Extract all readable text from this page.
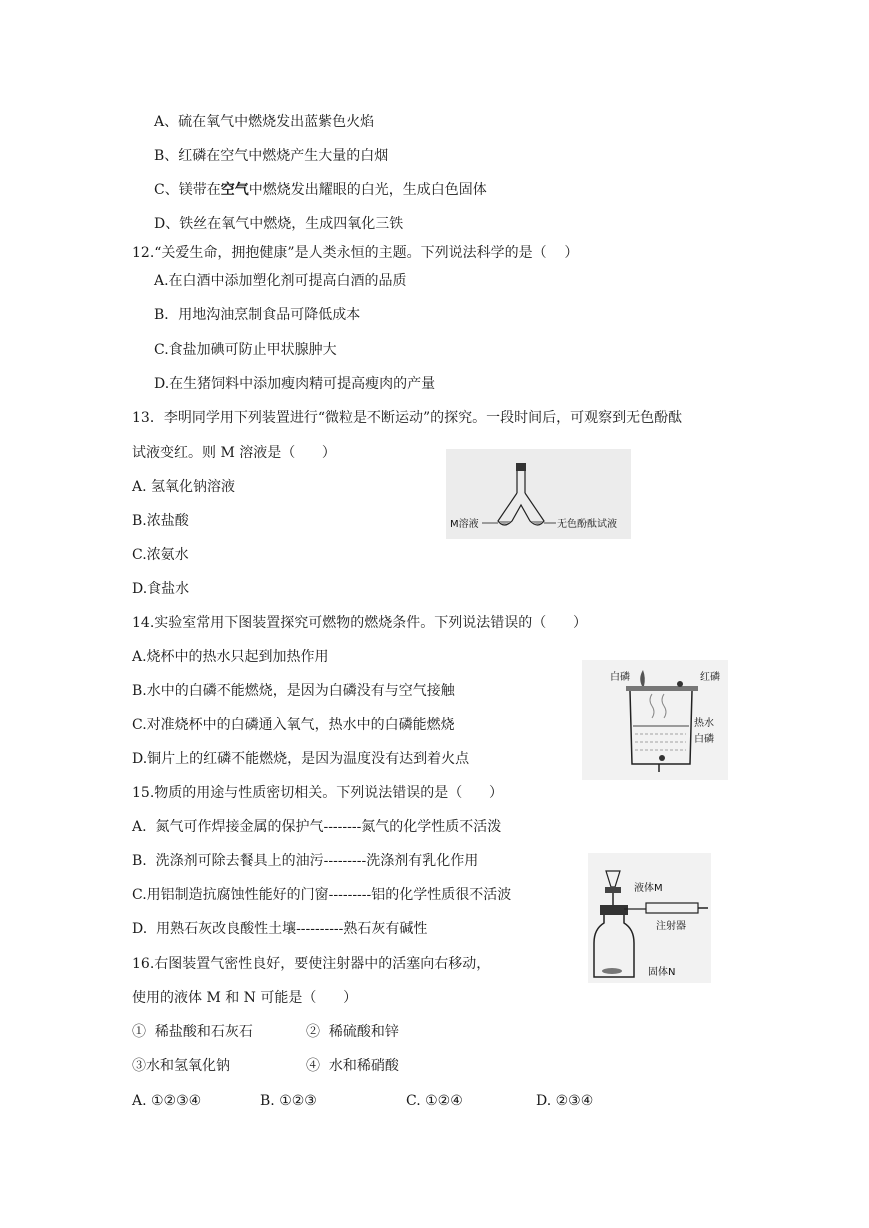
A、硫在氧气中燃烧发出蓝紫色火焰
B、红磷在空气中燃烧产生大量的白烟
C、镁带在空气中燃烧发出耀眼的白光，生成白色固体
D、铁丝在氧气中燃烧，生成四氧化三铁
12.“关爱生命，拥抱健康”是人类永恒的主题。下列说法科学的是（    ）
A.在白酒中添加塑化剂可提高白酒的品质
B．用地沟油烹制食品可降低成本
C.食盐加碘可防止甲状腺肿大
D.在生猪饲料中添加瘦肉精可提高瘦肉的产量
13．李明同学用下列装置进行“微粒是不断运动”的探究。一段时间后，可观察到无色酚酞
试液变红。则 M 溶液是（      ）
A. 氢氧化钠溶液
B.浓盐酸
C.浓氨水
D.食盐水
M溶液	无色酚酞试液
14.实验室常用下图装置探究可燃物的燃烧条件。下列说法错误的（      ）
A.烧杯中的热水只起到加热作用
B.水中的白磷不能燃烧，是因为白磷没有与空气接触
C.对准烧杯中的白磷通入氧气，热水中的白磷能燃烧
D.铜片上的红磷不能燃烧，是因为温度没有达到着火点
白磷	红磷
热水
白磷
15.物质的用途与性质密切相关。下列说法错误的是（      ）
A.  氮气可作焊接金属的保护气--------氮气的化学性质不活泼
B.  洗涤剂可除去餐具上的油污---------洗涤剂有乳化作用
C.用铝制造抗腐蚀性能好的门窗---------铝的化学性质很不活波
D.  用熟石灰改良酸性土壤----------熟石灰有碱性
液体M
注射器
固体N
16.右图装置气密性良好，要使注射器中的活塞向右移动，
使用的液体 M 和 N 可能是（      ）
①  稀盐酸和石灰石	②  稀硫酸和锌
③水和氢氧化钠	④  水和稀硝酸
A. ①②③④	B. ①②③	C. ①②④	D. ②③④
